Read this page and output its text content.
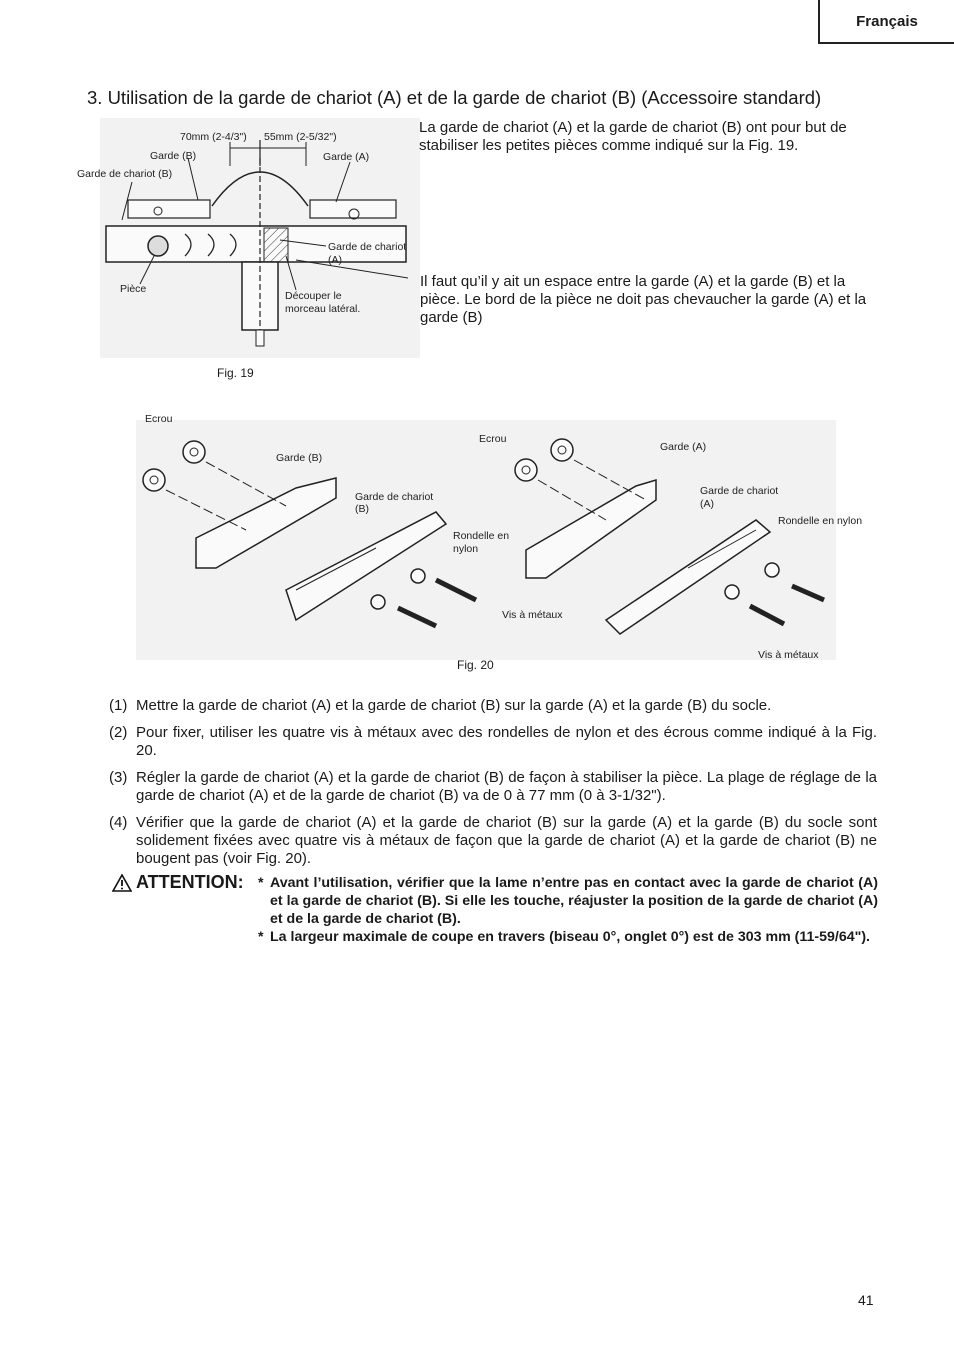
Français
3. Utilisation de la garde de chariot (A) et de la garde de chariot (B) (Accessoire standard)
70mm (2-4/3") 55mm (2-5/32")
Garde (B)	Garde (A)
Garde de chariot (B)
Garde de chariot
(A)
Pièce
Découper le
morceau latéral.
Fig. 19
La garde de chariot (A) et la garde de chariot (B) ont pour but de stabiliser les petites pièces comme indiqué sur la Fig. 19.
Il faut qu’il y ait un espace entre la garde (A) et la garde (B) et la pièce. Le bord de la pièce ne doit pas chevaucher la garde (A) et la garde (B)
Ecrou
Ecrou
Garde (B)
Garde (A)
Garde de chariot
(B)
Garde de chariot
(A)
Rondelle en
nylon
Rondelle en nylon
Vis à métaux
Vis à métaux
Fig. 20
(1) Mettre la garde de chariot (A) et la garde de chariot (B) sur la garde (A) et la garde (B) du socle.
(2) Pour fixer, utiliser les quatre vis à métaux avec des rondelles de nylon et des écrous comme indiqué à la Fig. 20.
(3) Régler la garde de chariot (A) et la garde de chariot (B) de façon à stabiliser la pièce. La plage de réglage de la garde de chariot (A) et de la garde de chariot (B) va de 0 à 77 mm (0 à 3-1/32").
(4) Vérifier que la garde de chariot (A) et la garde de chariot (B) sur la garde (A) et la garde (B) du socle sont solidement fixées avec quatre vis à métaux de façon que la garde de chariot (A) et la garde de chariot (B) ne bougent pas (voir Fig. 20).
ATTENTION: * Avant l’utilisation, vérifier que la lame n’entre pas en contact avec la garde de chariot (A) et la garde de chariot (B). Si elle les touche, réajuster la position de la garde de chariot (A) et de la garde de chariot (B).
* La largeur maximale de coupe en travers (biseau 0°, onglet 0°) est de 303 mm (11-59/64").
41
